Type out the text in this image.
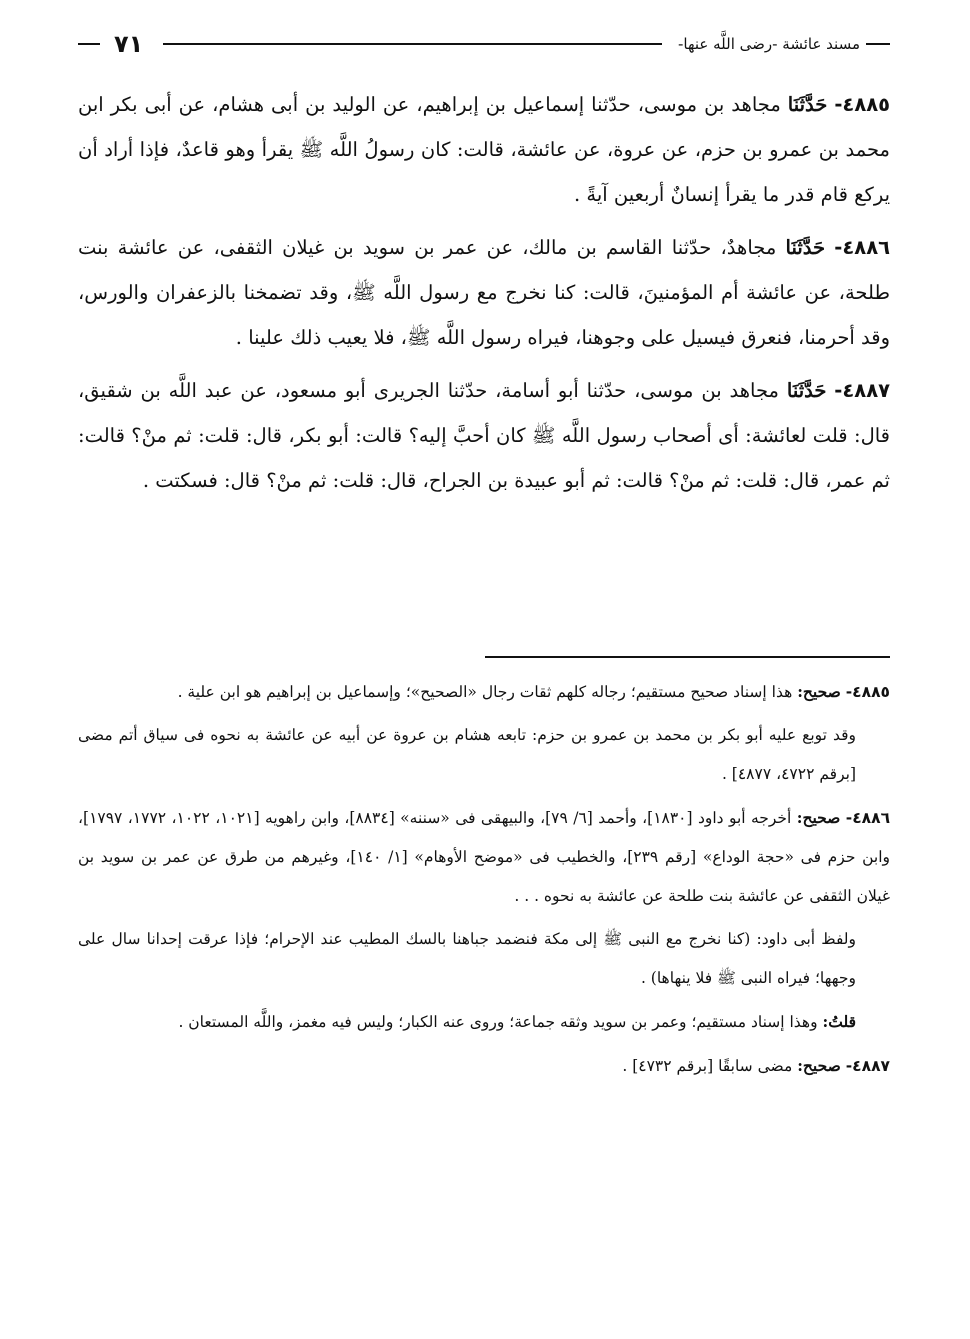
مسند عائشة -رضى اللَّه عنها-
٧١

٤٨٨٥- حَدَّثَنَا مجاهد بن موسى، حدّثنا إسماعيل بن إبراهيم، عن الوليد بن أبى هشام، عن أبى بكر ابن محمد بن عمرو بن حزم، عن عروة، عن عائشة، قالت: كان رسولُ اللَّه ﷺ يقرأ وهو قاعدٌ، فإذا أراد أن يركع قام قدر ما يقرأ إنسانٌ أربعين آيةً .

٤٨٨٦- حَدَّثَنَا مجاهدٌ، حدّثنا القاسم بن مالك، عن عمر بن سويد بن غيلان الثقفى، عن عائشة بنت طلحة، عن عائشة أم المؤمنينَ، قالت: كنا نخرج مع رسول اللَّه ﷺ، وقد تضمخنا بالزعفران والورس، وقد أحرمنا، فنعرق فيسيل على وجوهنا، فيراه رسول اللَّه ﷺ، فلا يعيب ذلك علينا .

٤٨٨٧- حَدَّثَنَا مجاهد بن موسى، حدّثنا أبو أسامة، حدّثنا الجريرى أبو مسعود، عن عبد اللَّه بن شقيق، قال: قلت لعائشة: أى أصحاب رسول اللَّه ﷺ كان أحبَّ إليه؟ قالت: أبو بكر، قال: قلت: ثم منْ؟ قالت: ثم عمر، قال: قلت: ثم منْ؟ قالت: ثم أبو عبيدة بن الجراح، قال: قلت: ثم منْ؟ قال: فسكتت .

٤٨٨٥- صحيح: هذا إسناد صحيح مستقيم؛ رجاله كلهم ثقات رجال «الصحيح»؛ وإسماعيل بن إبراهيم هو ابن علية .

وقد توبع عليه أبو بكر بن محمد بن عمرو بن حزم: تابعه هشام بن عروة عن أبيه عن عائشة به نحوه فى سياق أتم مضى [برقم ٤٧٢٢، ٤٨٧٧] .

٤٨٨٦- صحيح: أخرجه أبو داود [١٨٣٠]، وأحمد [٦/ ٧٩]، والبيهقى فى «سننه» [٨٨٣٤]، وابن راهويه [١٠٢١، ١٠٢٢، ١٧٧٢، ١٧٩٧]، وابن حزم فى «حجة الوداع» [رقم ٢٣٩]، والخطيب فى «موضح الأوهام» [١/ ١٤٠]، وغيرهم من طرق عن عمر بن سويد بن غيلان الثقفى عن عائشة بنت طلحة عن عائشة به نحوه . . .

ولفظ أبى داود: (كنا نخرج مع النبى ﷺ إلى مكة فنضمد جباهنا بالسك المطيب عند الإحرام؛ فإذا عرقت إحدانا سال على وجهها؛ فيراه النبى ﷺ فلا ينهاها) .

قلتُ: وهذا إسناد مستقيم؛ وعمر بن سويد وثقه جماعة؛ وروى عنه الكبار؛ وليس فيه مغمز، واللَّه المستعان .

٤٨٨٧- صحيح: مضى سابقًا [برقم ٤٧٣٢] .
